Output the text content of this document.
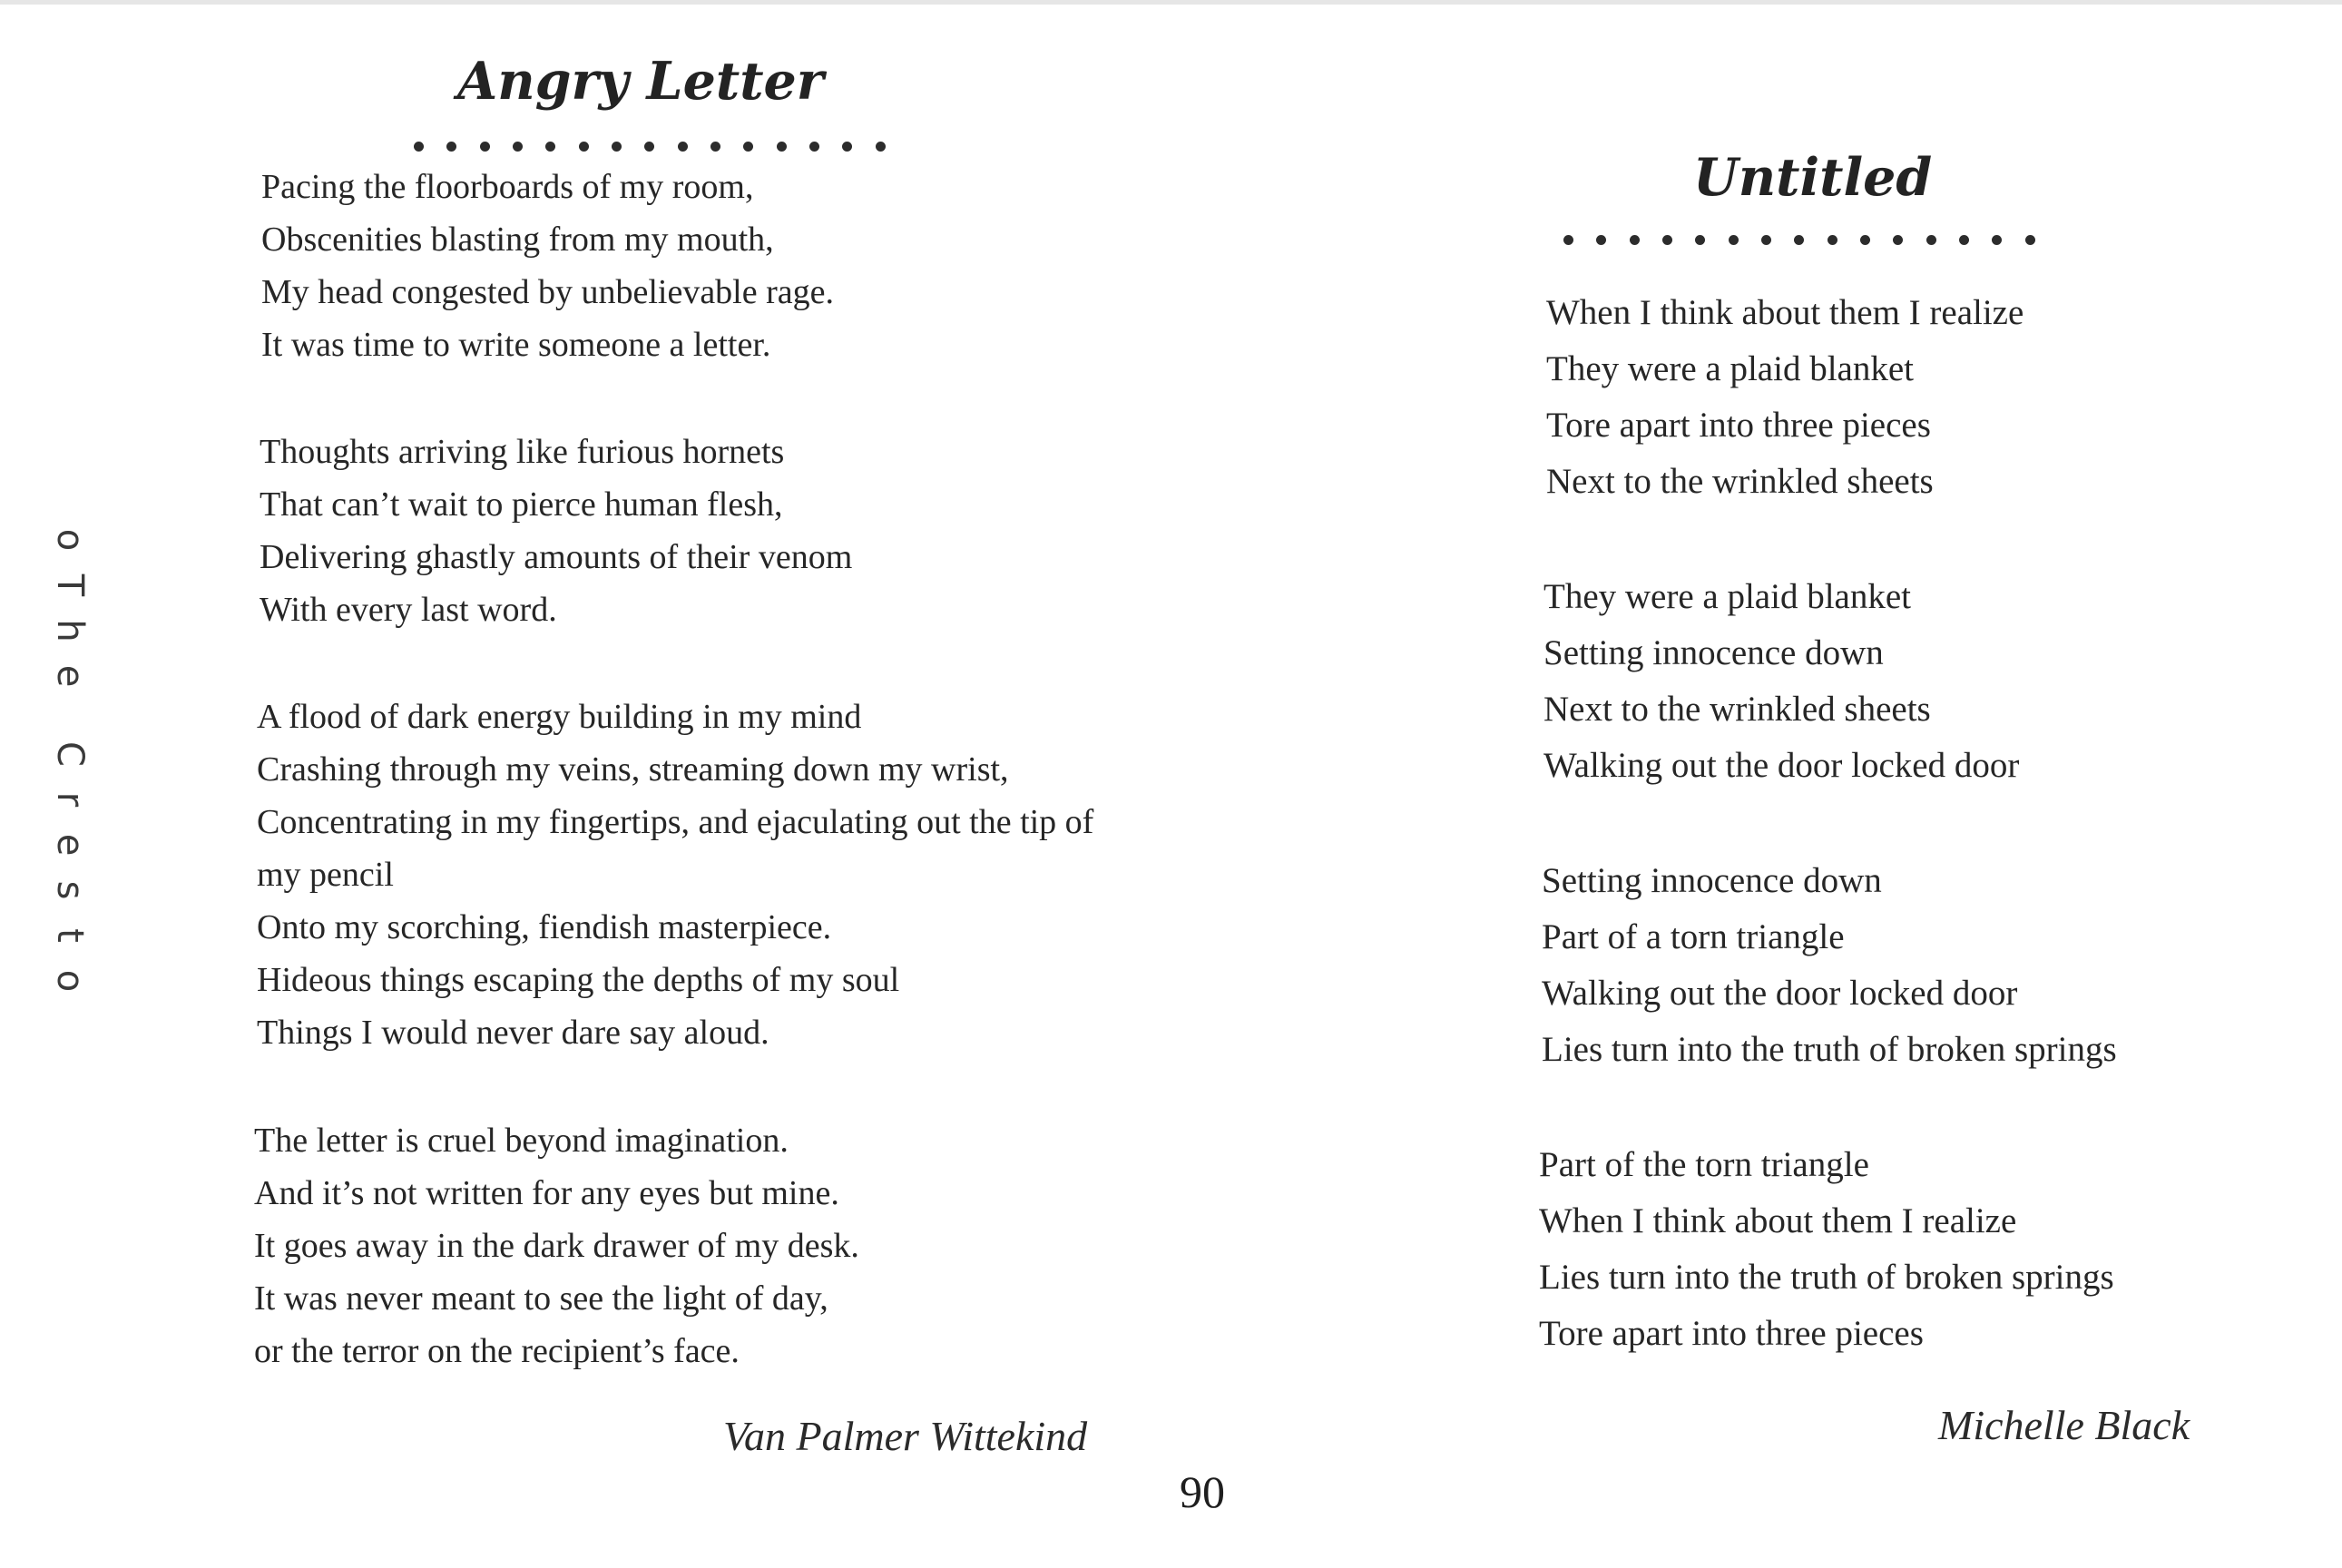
o
T
h
e
C
r
e
s
t
o
Angry Letter
Pacing the floorboards of my room,
Obscenities blasting from my mouth,
My head congested by unbelievable rage.
It was time to write someone a letter.
Thoughts arriving like furious hornets
That can’t wait to pierce human flesh,
Delivering ghastly amounts of their venom
With every last word.
A flood of dark energy building in my mind
Crashing through my veins, streaming down my wrist,
Concentrating in my fingertips, and ejaculating out the tip of
my pencil
Onto my scorching, fiendish masterpiece.
Hideous things escaping the depths of my soul
Things I would never dare say aloud.
The letter is cruel beyond imagination.
And it’s not written for any eyes but mine.
It goes away in the dark drawer of my desk.
It was never meant to see the light of day,
or the terror on the recipient’s face.
Van Palmer Wittekind
Untitled
When I think about them I realize
They were a plaid blanket
Tore apart into three pieces
Next to the wrinkled sheets
They were a plaid blanket
Setting innocence down
Next to the wrinkled sheets
Walking out the door locked door
Setting innocence down
Part of a torn triangle
Walking out the door locked door
Lies turn into the truth of broken springs
Part of the torn triangle
When I think about them I realize
Lies turn into the truth of broken springs
Tore apart into three pieces
Michelle Black
90
